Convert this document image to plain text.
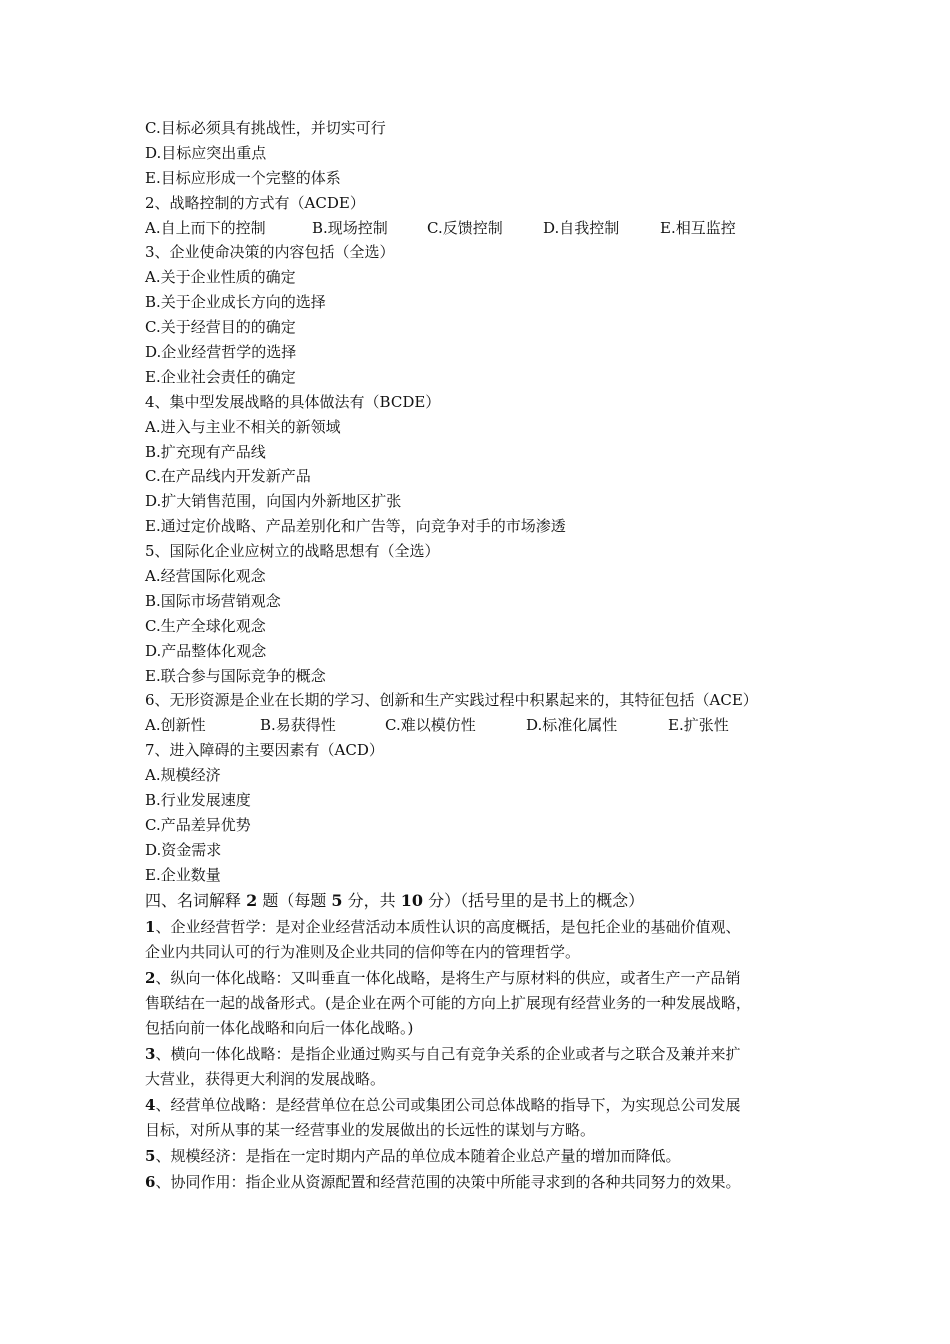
C.目标必须具有挑战性，并切实可行
D.目标应突出重点
E.目标应形成一个完整的体系
2、战略控制的方式有（ACDE）
A.自上而下的控制	B.现场控制	C.反馈控制	D.自我控制	E.相互监控
3、企业使命决策的内容包括（全选）
A.关于企业性质的确定
B.关于企业成长方向的选择
C.关于经营目的的确定
D.企业经营哲学的选择
E.企业社会责任的确定
4、集中型发展战略的具体做法有（BCDE）
A.进入与主业不相关的新领域
B.扩充现有产品线
C.在产品线内开发新产品
D.扩大销售范围，向国内外新地区扩张
E.通过定价战略、产品差别化和广告等，向竞争对手的市场渗透
5、国际化企业应树立的战略思想有（全选）
A.经营国际化观念
B.国际市场营销观念
C.生产全球化观念
D.产品整体化观念
E.联合参与国际竞争的概念
6、无形资源是企业在长期的学习、创新和生产实践过程中积累起来的，其特征包括（ACE）
A.创新性	B.易获得性	C.难以模仿性	D.标准化属性	E.扩张性
7、进入障碍的主要因素有（ACD）
A.规模经济
B.行业发展速度
C.产品差异优势
D.资金需求
E.企业数量
四、名词解释 2 题（每题 5 分，共 10 分）（括号里的是书上的概念）
1、企业经营哲学：是对企业经营活动本质性认识的高度概括，是包托企业的基础价值观、
企业内共同认可的行为准则及企业共同的信仰等在内的管理哲学。
2、纵向一体化战略：又叫垂直一体化战略，是将生产与原材料的供应，或者生产一产品销
售联结在一起的战备形式。(是企业在两个可能的方向上扩展现有经营业务的一种发展战略，
包括向前一体化战略和向后一体化战略。)
3、横向一体化战略：是指企业通过购买与自己有竞争关系的企业或者与之联合及兼并来扩
大营业，获得更大利润的发展战略。
4、经营单位战略：是经营单位在总公司或集团公司总体战略的指导下，为实现总公司发展
目标，对所从事的某一经营事业的发展做出的长远性的谋划与方略。
5、规模经济：是指在一定时期内产品的单位成本随着企业总产量的增加而降低。
6、协同作用：指企业从资源配置和经营范围的决策中所能寻求到的各种共同努力的效果。
